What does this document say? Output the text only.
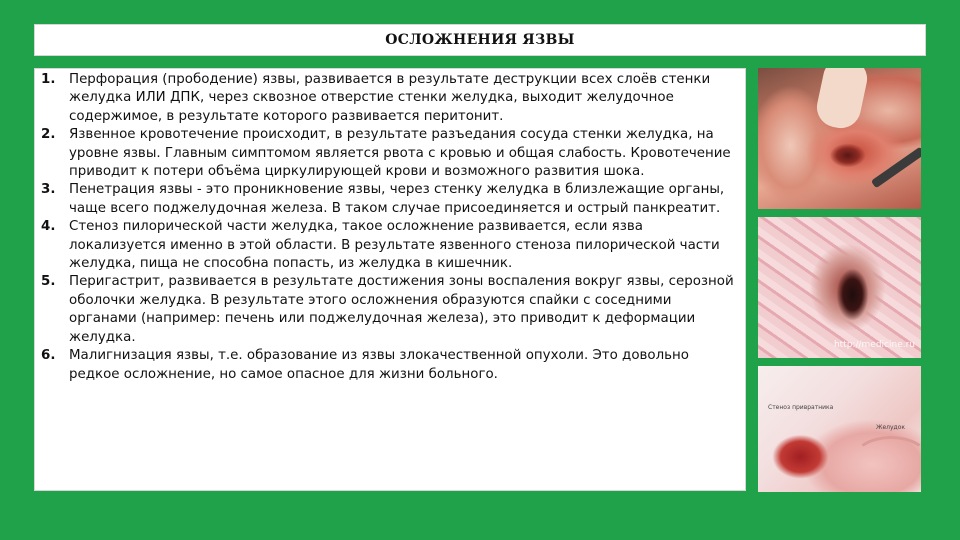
ОСЛОЖНЕНИЯ ЯЗВЫ
1. Перфорация (прободение) язвы, развивается в результате деструкции всех слоёв стенки желудка ИЛИ ДПК, через сквозное отверстие стенки желудка, выходит желудочное содержимое, в результате которого развивается перитонит.
2. Язвенное кровотечение происходит, в результате разъедания сосуда стенки желудка, на уровне язвы. Главным симптомом является рвота с кровью и общая слабость. Кровотечение приводит к потери объёма циркулирующей крови и возможного развития шока.
3. Пенетрация язвы - это проникновение язвы, через стенку желудка в близлежащие органы, чаще всего поджелудочная железа. В таком случае присоединяется и острый панкреатит.
4. Стеноз пилорической части желудка, такое осложнение развивается, если язва локализуется именно в этой области. В результате язвенного стеноза пилорической части желудка, пища не способна попасть, из желудка в кишечник.
5. Перигастрит, развивается в результате достижения зоны воспаления вокруг язвы, серозной оболочки желудка. В результате этого осложнения образуются спайки с соседними органами (например: печень или поджелудочная железа), это приводит к деформации желудка.
6. Малигнизация язвы, т.е. образование из язвы злокачественной опухоли. Это довольно редкое осложнение, но самое опасное для жизни больного.
http://medicine.ru
Стеноз привратника
Желудок
